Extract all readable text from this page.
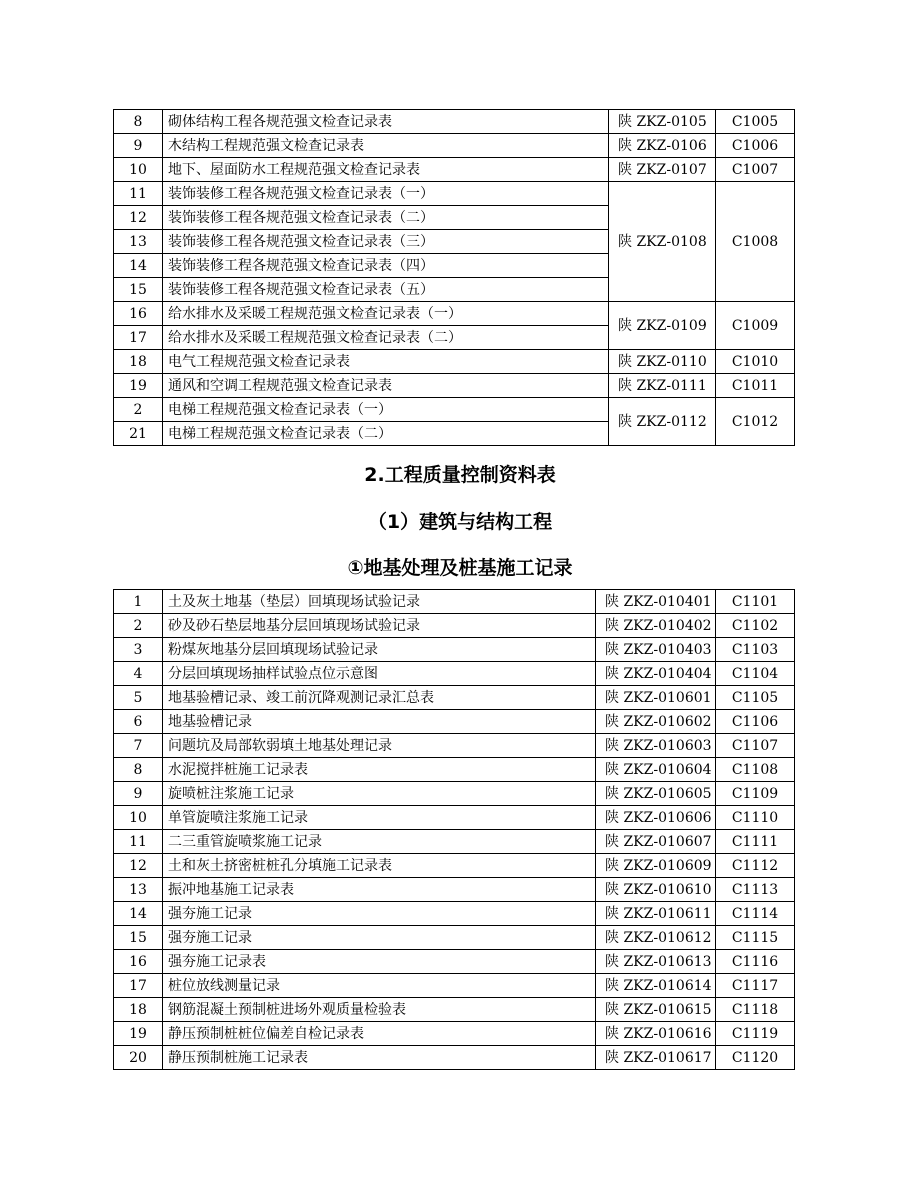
8	砌体结构工程各规范强文检查记录表	陕 ZKZ-0105	C1005
9	木结构工程规范强文检查记录表	陕 ZKZ-0106	C1006
10	地下、屋面防水工程规范强文检查记录表	陕 ZKZ-0107	C1007
11	装饰装修工程各规范强文检查记录表（一）	陕 ZKZ-0108	C1008
12	装饰装修工程各规范强文检查记录表（二）		
13	装饰装修工程各规范强文检查记录表（三）		
14	装饰装修工程各规范强文检查记录表（四）		
15	装饰装修工程各规范强文检查记录表（五）		
16	给水排水及采暖工程规范强文检查记录表（一）	陕 ZKZ-0109	C1009
17	给水排水及采暖工程规范强文检查记录表（二）		
18	电气工程规范强文检查记录表	陕 ZKZ-0110	C1010
19	通风和空调工程规范强文检查记录表	陕 ZKZ-0111	C1011
2	电梯工程规范强文检查记录表（一）	陕 ZKZ-0112	C1012
21	电梯工程规范强文检查记录表（二）		
2.工程质量控制资料表
（1）建筑与结构工程
①地基处理及桩基施工记录
1	土及灰土地基（垫层）回填现场试验记录	陕 ZKZ-010401	C1101
2	砂及砂石垫层地基分层回填现场试验记录	陕 ZKZ-010402	C1102
3	粉煤灰地基分层回填现场试验记录	陕 ZKZ-010403	C1103
4	分层回填现场抽样试验点位示意图	陕 ZKZ-010404	C1104
5	地基验槽记录、竣工前沉降观测记录汇总表	陕 ZKZ-010601	C1105
6	地基验槽记录	陕 ZKZ-010602	C1106
7	问题坑及局部软弱填土地基处理记录	陕 ZKZ-010603	C1107
8	水泥搅拌桩施工记录表	陕 ZKZ-010604	C1108
9	旋喷桩注浆施工记录	陕 ZKZ-010605	C1109
10	单管旋喷注浆施工记录	陕 ZKZ-010606	C1110
11	二三重管旋喷浆施工记录	陕 ZKZ-010607	C1111
12	土和灰土挤密桩桩孔分填施工记录表	陕 ZKZ-010609	C1112
13	振冲地基施工记录表	陕 ZKZ-010610	C1113
14	强夯施工记录	陕 ZKZ-010611	C1114
15	强夯施工记录	陕 ZKZ-010612	C1115
16	强夯施工记录表	陕 ZKZ-010613	C1116
17	桩位放线测量记录	陕 ZKZ-010614	C1117
18	钢筋混凝土预制桩进场外观质量检验表	陕 ZKZ-010615	C1118
19	静压预制桩桩位偏差自检记录表	陕 ZKZ-010616	C1119
20	静压预制桩施工记录表	陕 ZKZ-010617	C1120
